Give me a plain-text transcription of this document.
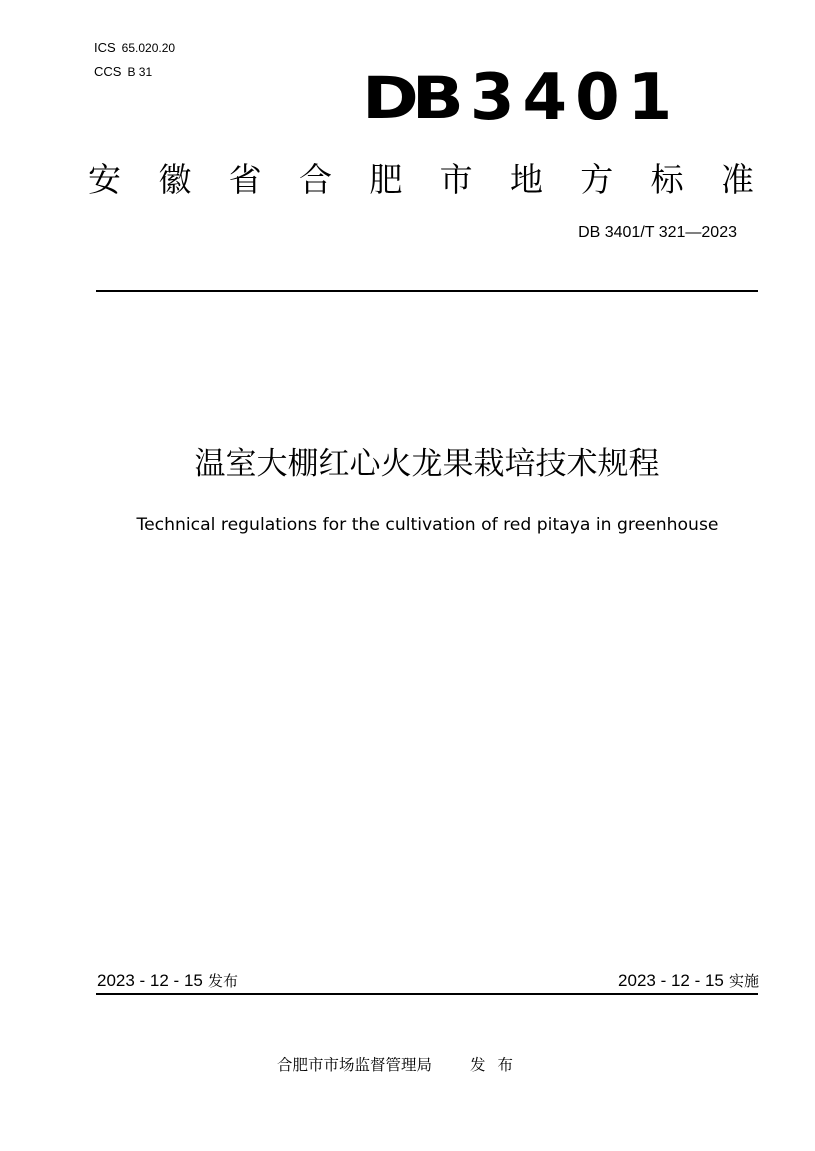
ICS 65.020.20
CCS B 31	DB 3401
安 徽 省 合 肥 市 地 方 标 准
DB 3401/T 321—2023
温室大棚红心火龙果栽培技术规程
Technical regulations for the cultivation of red pitaya in greenhouse
2023 - 12 - 15 发布	2023 - 12 - 15 实施
合肥市市场监督管理局 发布
